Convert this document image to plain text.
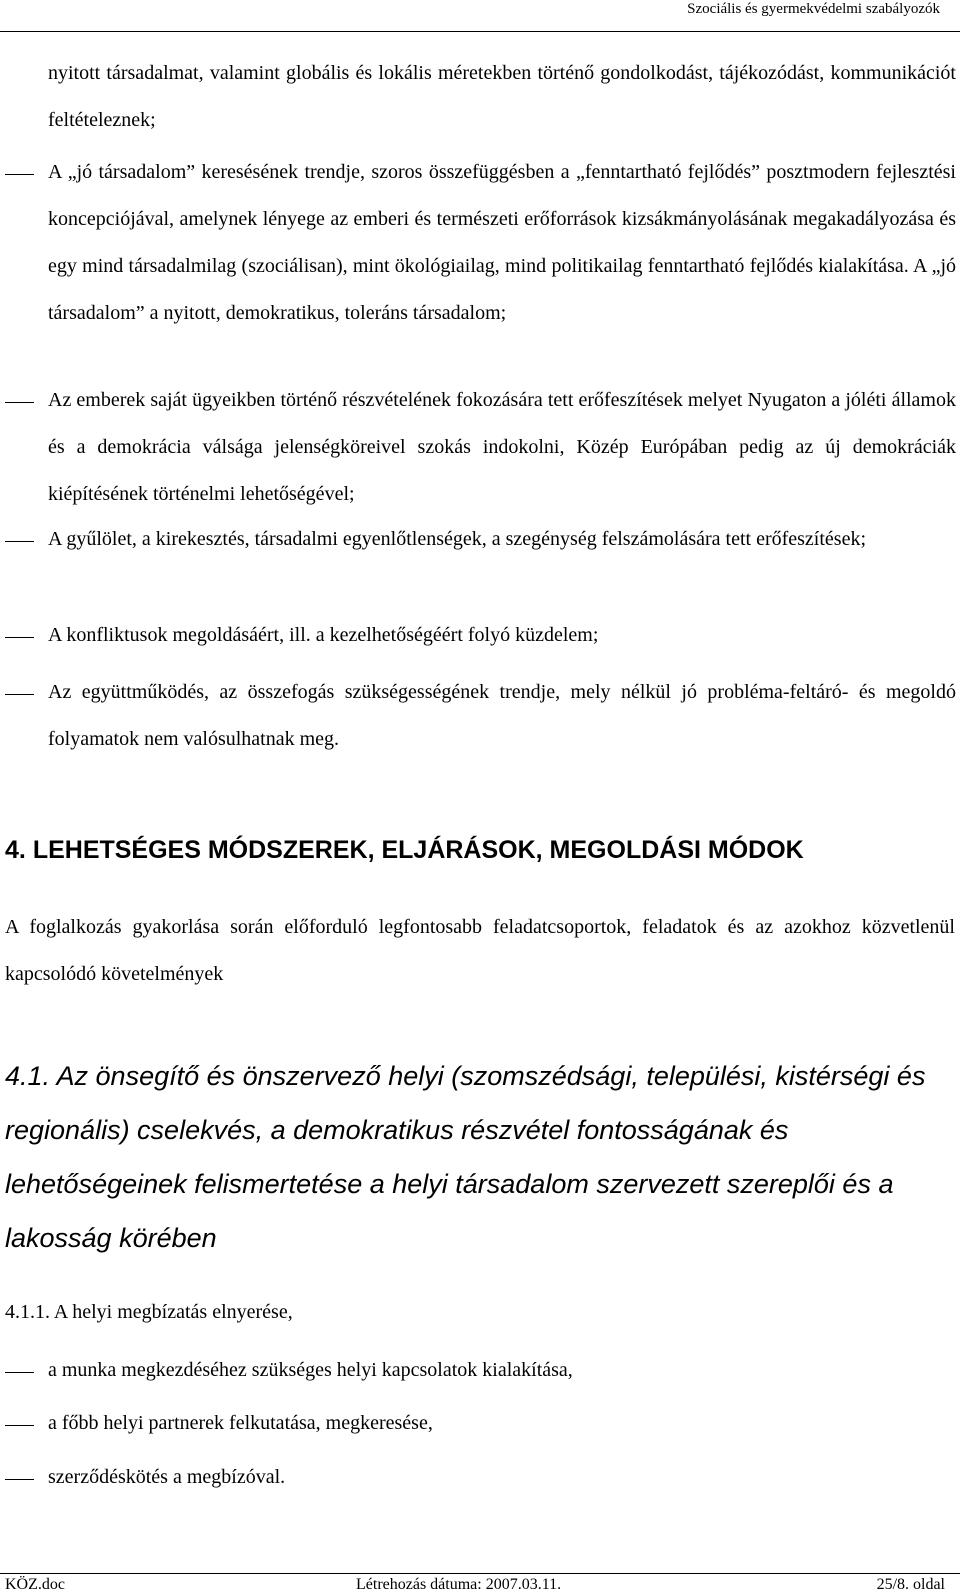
Szociális és gyermekvédelmi szabályozók
nyitott társadalmat, valamint globális és lokális méretekben történő gondolkodást, tájékozódást, kommunikációt feltételeznek;
A „jó társadalom” keresésének trendje, szoros összefüggésben a „fenntartható fejlődés” posztmodern fejlesztési koncepciójával, amelynek lényege az emberi és természeti erőforrások kizsákmányolásának megakadályozása és egy mind társadalmilag (szociálisan), mint ökológiailag, mind politikailag fenntartható fejlődés kialakítása. A „jó társadalom” a nyitott, demokratikus, toleráns társadalom;
Az emberek saját ügyeikben történő részvételének fokozására tett erőfeszítések melyet Nyugaton a jóléti államok és a demokrácia válsága jelenségköreivel szokás indokolni, Közép Európában pedig az új demokráciák kiépítésének történelmi lehetőségével;
A gyűlölet, a kirekesztés, társadalmi egyenlőtlenségek, a szegénység felszámolására tett erőfeszítések;
A konfliktusok megoldásáért, ill. a kezelhetőségéért folyó küzdelem;
Az együttműködés, az összefogás szükségességének trendje, mely nélkül jó probléma-feltáró- és megoldó folyamatok nem valósulhatnak meg.
4. LEHETSÉGES MÓDSZEREK, ELJÁRÁSOK, MEGOLDÁSI MÓDOK
A foglalkozás gyakorlása során előforduló legfontosabb feladatcsoportok, feladatok és az azokhoz közvetlenül kapcsolódó követelmények
4.1. Az önsegítő és önszervező helyi (szomszédsági, települési, kistérségi és regionális) cselekvés, a demokratikus részvétel fontosságának és lehetőségeinek felismertetése a helyi társadalom szervezett szereplői és a lakosság körében
4.1.1. A helyi megbízatás elnyerése,
a munka megkezdéséhez szükséges helyi kapcsolatok kialakítása,
a főbb helyi partnerek felkutatása, megkeresése,
szerződéskötés a megbízóval.
KÖZ.doc	Létrehozás dátuma: 2007.03.11.	25/8. oldal
